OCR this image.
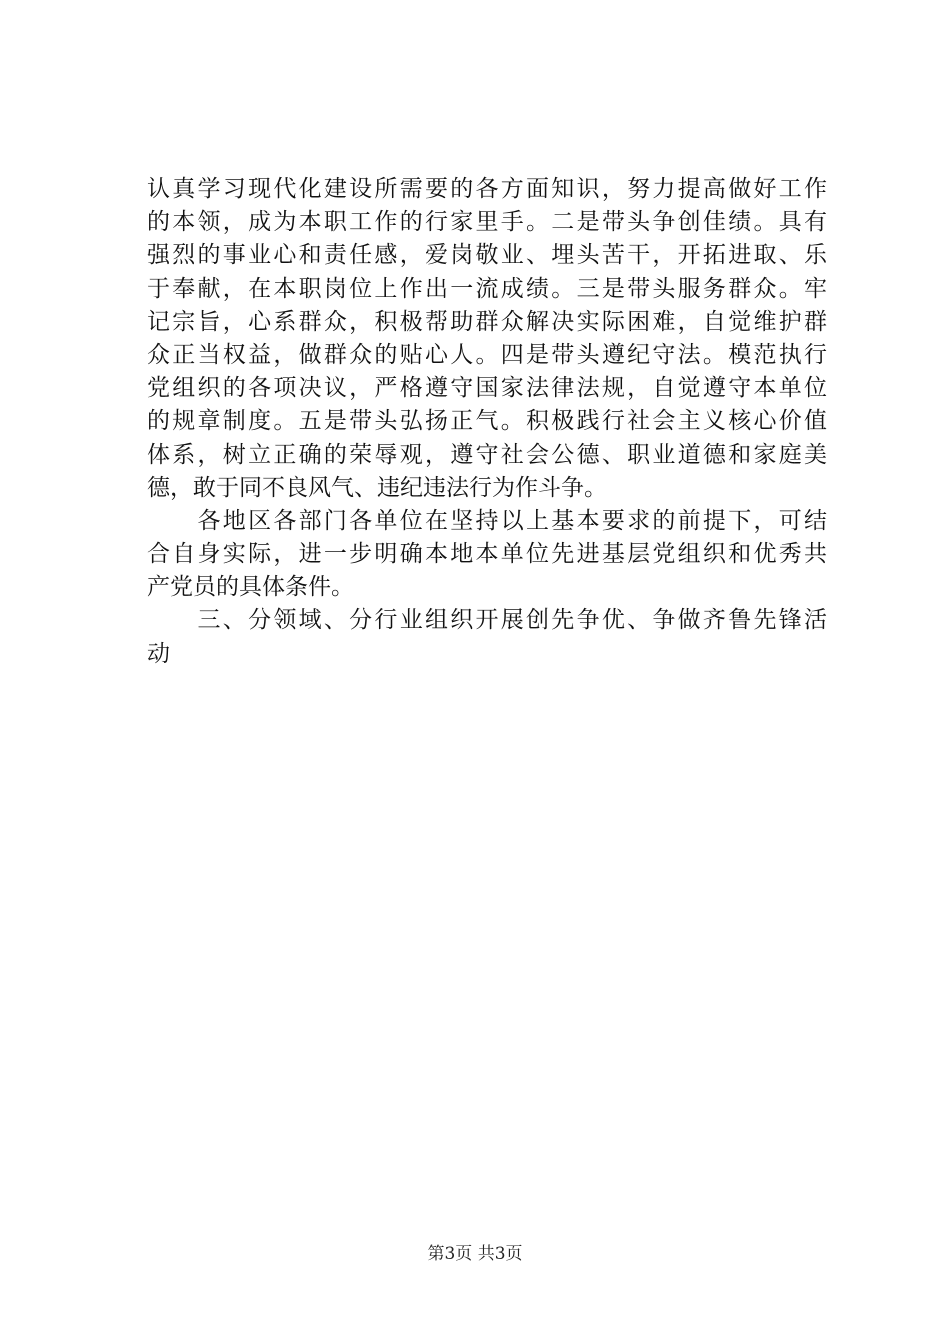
认真学习现代化建设所需要的各方面知识，努力提高做好工作
的本领，成为本职工作的行家里手。二是带头争创佳绩。具有
强烈的事业心和责任感，爱岗敬业、埋头苦干，开拓进取、乐
于奉献，在本职岗位上作出一流成绩。三是带头服务群众。牢
记宗旨，心系群众，积极帮助群众解决实际困难，自觉维护群
众正当权益，做群众的贴心人。四是带头遵纪守法。模范执行
党组织的各项决议，严格遵守国家法律法规，自觉遵守本单位
的规章制度。五是带头弘扬正气。积极践行社会主义核心价值
体系，树立正确的荣辱观，遵守社会公德、职业道德和家庭美
德，敢于同不良风气、违纪违法行为作斗争。
　　各地区各部门各单位在坚持以上基本要求的前提下，可结
合自身实际，进一步明确本地本单位先进基层党组织和优秀共
产党员的具体条件。
　　三、分领域、分行业组织开展创先争优、争做齐鲁先锋活
动
第3页 共3页
